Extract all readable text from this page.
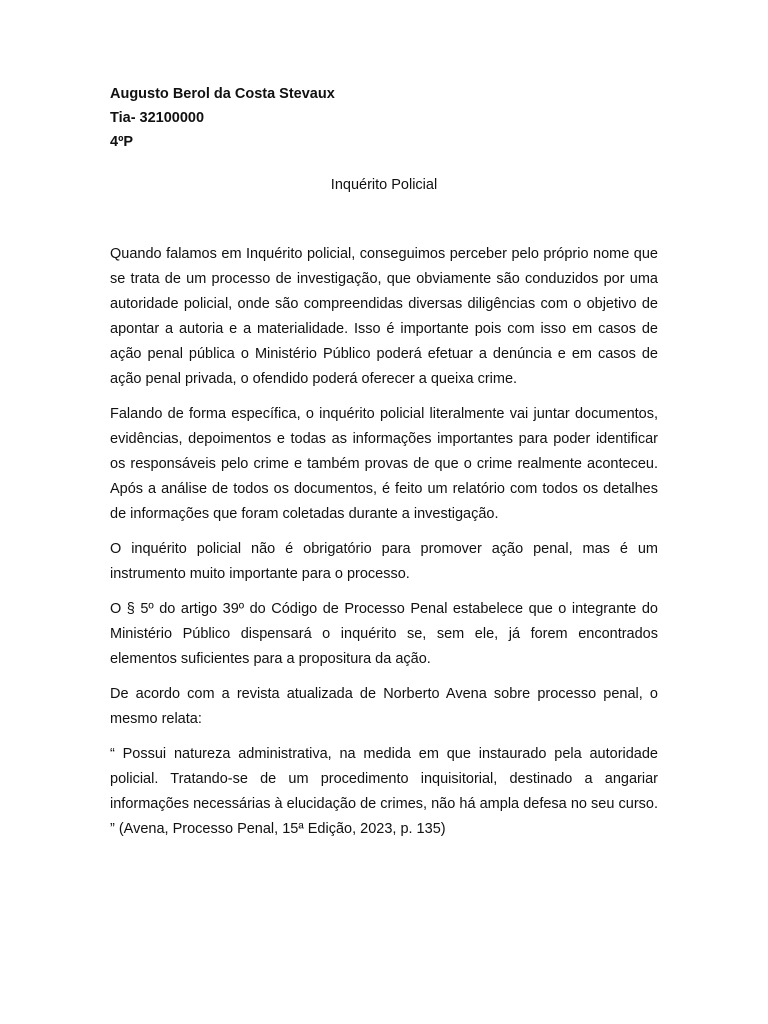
Augusto Berol da Costa Stevaux

Tia- 32100000

4ºP

Inquérito Policial

Quando falamos em Inquérito policial, conseguimos perceber pelo próprio nome que se trata de um processo de investigação, que obviamente são conduzidos por uma autoridade policial, onde são compreendidas diversas diligências com o objetivo de apontar a autoria e a materialidade. Isso é importante pois com isso em casos de ação penal pública o Ministério Público poderá efetuar a denúncia e em casos de ação penal privada, o ofendido poderá oferecer a queixa crime.

Falando de forma específica, o inquérito policial literalmente vai juntar documentos, evidências, depoimentos e todas as informações importantes para poder identificar os responsáveis pelo crime e também provas de que o crime realmente aconteceu. Após a análise de todos os documentos, é feito um relatório com todos os detalhes de informações que foram coletadas durante a investigação.

O inquérito policial não é obrigatório para promover ação penal, mas é um instrumento muito importante para o processo.

O § 5º do artigo 39º do Código de Processo Penal estabelece que o integrante do Ministério Público dispensará o inquérito se, sem ele, já forem encontrados elementos suficientes para a propositura da ação.

De acordo com a revista atualizada de Norberto Avena sobre processo penal, o mesmo relata:

“ Possui natureza administrativa, na medida em que instaurado pela autoridade policial. Tratando-se de um procedimento inquisitorial, destinado a angariar informações necessárias à elucidação de crimes, não há ampla defesa no seu curso. ” (Avena, Processo Penal, 15ª Edição, 2023, p. 135)
